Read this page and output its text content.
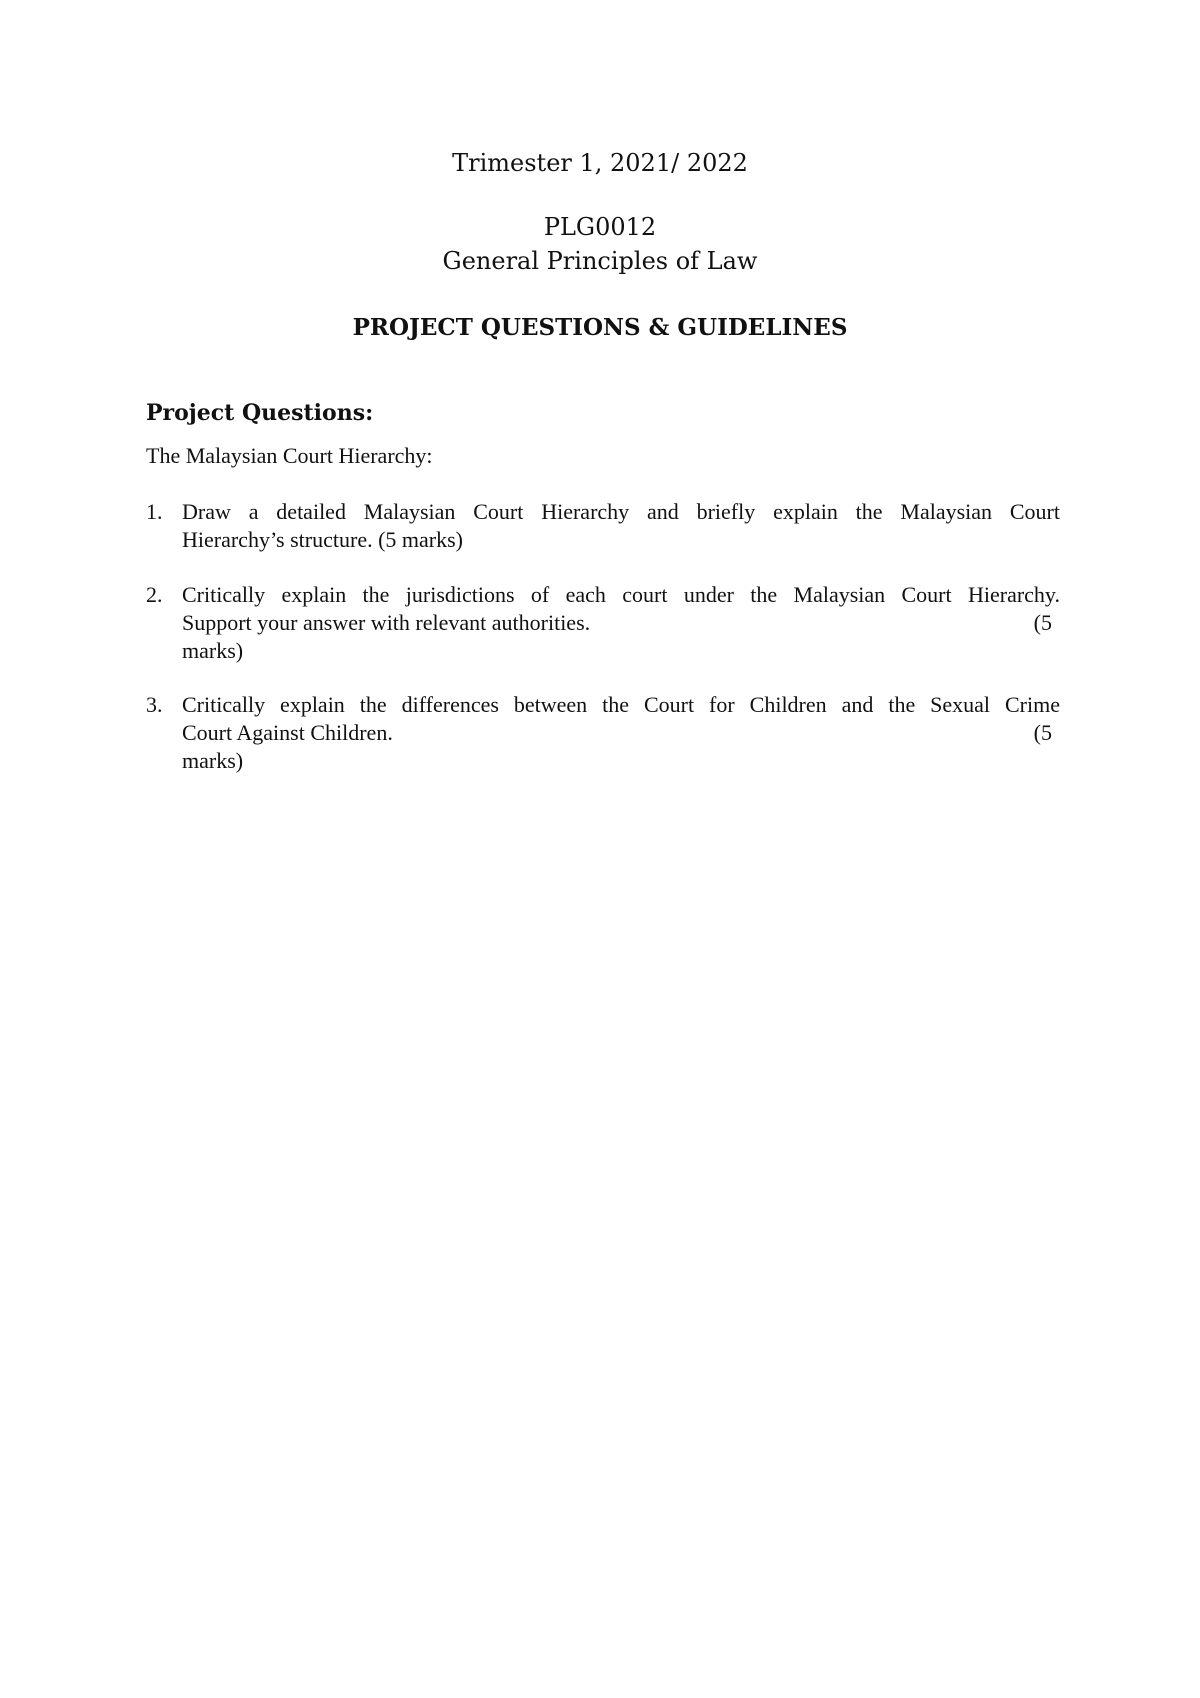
Trimester 1, 2021/ 2022
PLG0012
General Principles of Law
PROJECT QUESTIONS & GUIDELINES
Project Questions:
The Malaysian Court Hierarchy:
1. Draw a detailed Malaysian Court Hierarchy and briefly explain the Malaysian Court
Hierarchy’s structure. (5 marks)
2. Critically explain the jurisdictions of each court under the Malaysian Court Hierarchy.
Support your answer with relevant authorities.	(5
marks)
3. Critically explain the differences between the Court for Children and the Sexual Crime
Court Against Children.	(5
marks)
